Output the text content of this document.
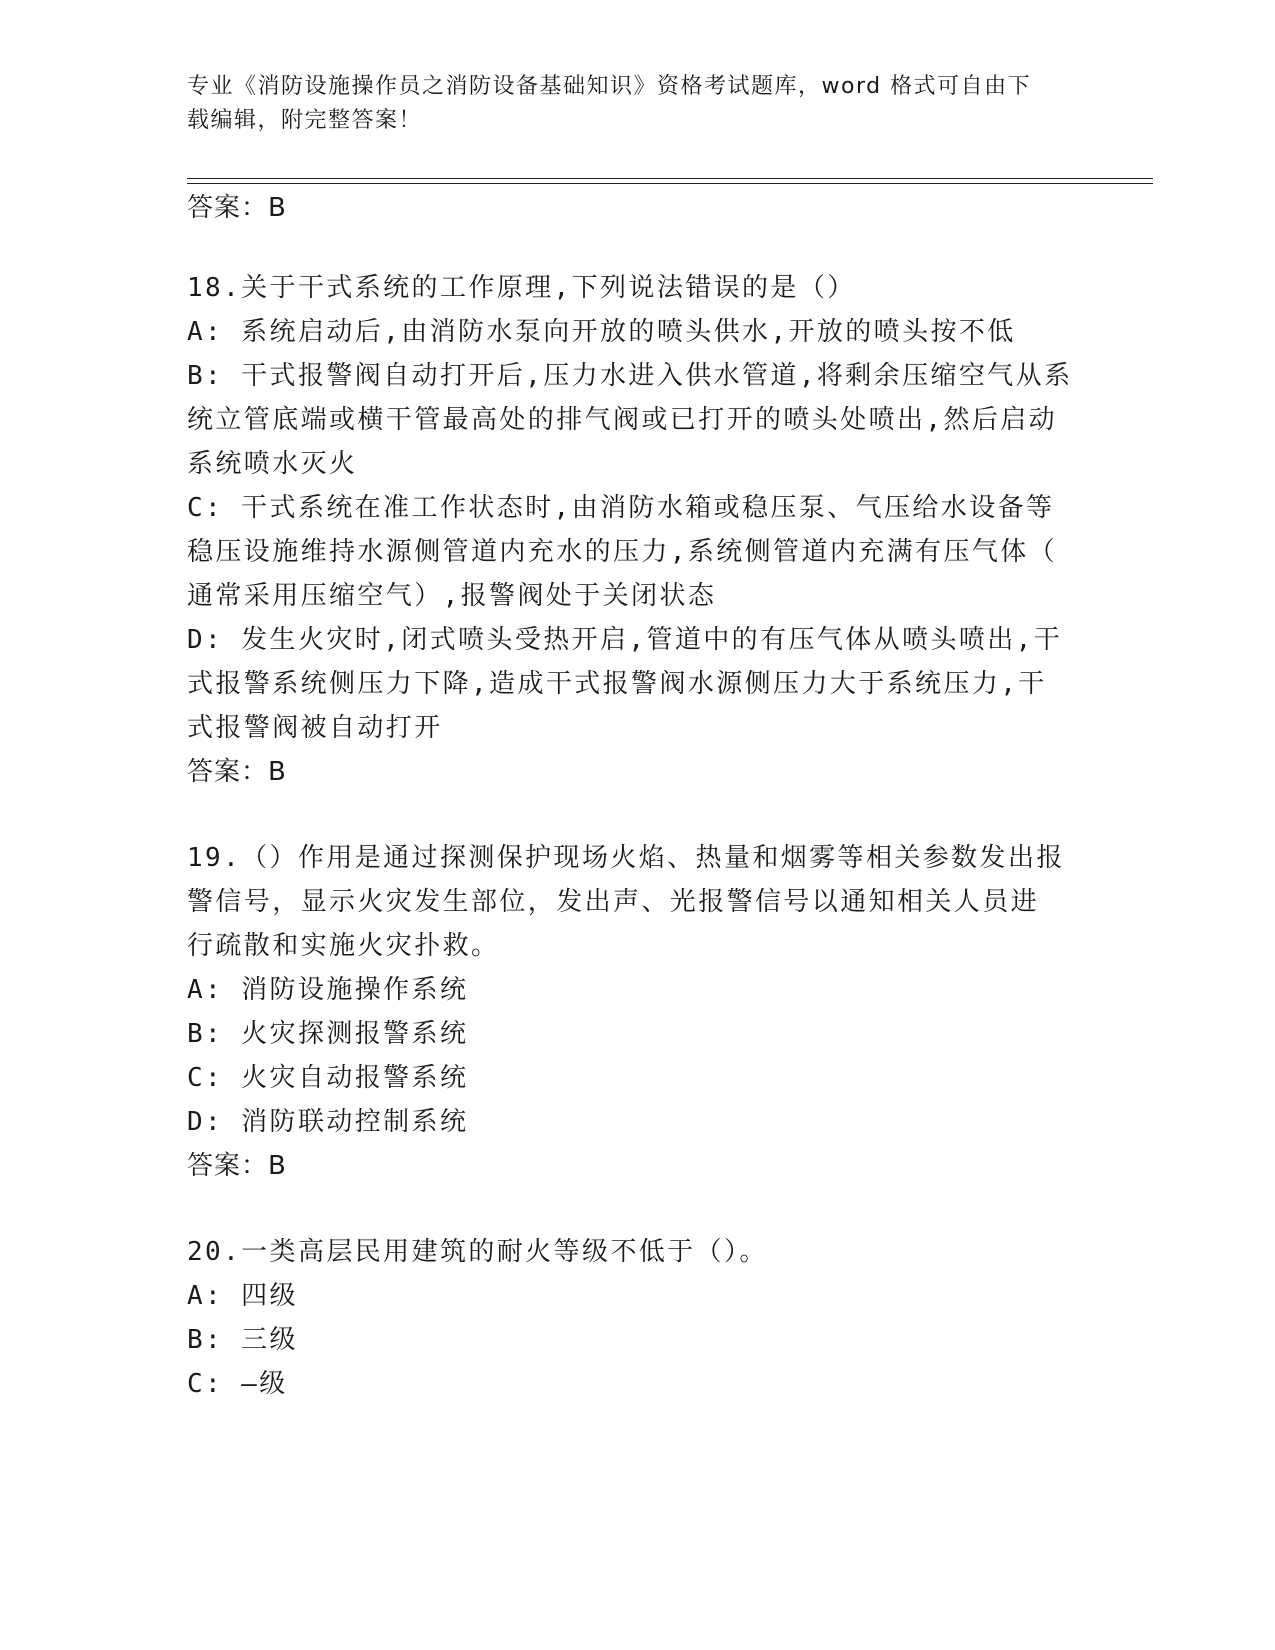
专业《消防设施操作员之消防设备基础知识》资格考试题库，word 格式可自由下
载编辑，附完整答案！
答案：B
18.关于干式系统的工作原理,下列说法错误的是（）
A: 系统启动后,由消防水泵向开放的喷头供水,开放的喷头按不低
B: 干式报警阀自动打开后,压力水进入供水管道,将剩余压缩空气从系
统立管底端或横干管最高处的排气阀或已打开的喷头处喷出,然后启动
系统喷水灭火
C: 干式系统在准工作状态时,由消防水箱或稳压泵、气压给水设备等
稳压设施维持水源侧管道内充水的压力,系统侧管道内充满有压气体（
通常采用压缩空气）,报警阀处于关闭状态
D: 发生火灾时,闭式喷头受热开启,管道中的有压气体从喷头喷出,干
式报警系统侧压力下降,造成干式报警阀水源侧压力大于系统压力,干
式报警阀被自动打开
答案：B
19.（）作用是通过探测保护现场火焰、热量和烟雾等相关参数发出报
警信号，显示火灾发生部位，发出声、光报警信号以通知相关人员进
行疏散和实施火灾扑救。
A: 消防设施操作系统
B: 火灾探测报警系统
C: 火灾自动报警系统
D: 消防联动控制系统
答案：B
20.一类高层民用建筑的耐火等级不低于（）。
A: 四级
B: 三级
C: —级
